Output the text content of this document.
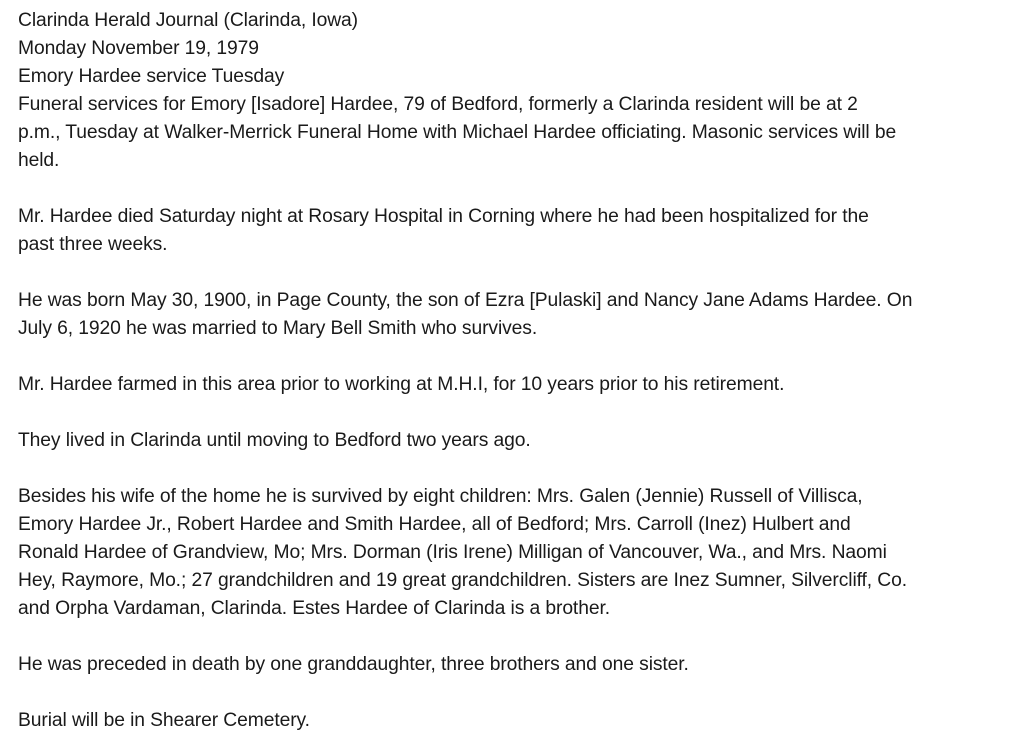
Clarinda Herald Journal (Clarinda, Iowa)
Monday November 19, 1979
Emory Hardee service Tuesday
Funeral services for Emory [Isadore] Hardee, 79 of Bedford, formerly a Clarinda resident will be at 2
p.m., Tuesday at Walker-Merrick Funeral Home with Michael Hardee officiating. Masonic services will be
held.
Mr. Hardee died Saturday night at Rosary Hospital in Corning where he had been hospitalized for the
past three weeks.
He was born May 30, 1900, in Page County, the son of Ezra [Pulaski] and Nancy Jane Adams Hardee. On
July 6, 1920 he was married to Mary Bell Smith who survives.
Mr. Hardee farmed in this area prior to working at M.H.I, for 10 years prior to his retirement.
They lived in Clarinda until moving to Bedford two years ago.
Besides his wife of the home he is survived by eight children: Mrs. Galen (Jennie) Russell of Villisca,
Emory Hardee Jr., Robert Hardee and Smith Hardee, all of Bedford; Mrs. Carroll (Inez) Hulbert and
Ronald Hardee of Grandview, Mo; Mrs. Dorman (Iris Irene) Milligan of Vancouver, Wa., and Mrs. Naomi
Hey, Raymore, Mo.; 27 grandchildren and 19 great grandchildren. Sisters are Inez Sumner, Silvercliff, Co.
and Orpha Vardaman, Clarinda. Estes Hardee of Clarinda is a brother.
He was preceded in death by one granddaughter, three brothers and one sister.
Burial will be in Shearer Cemetery.
